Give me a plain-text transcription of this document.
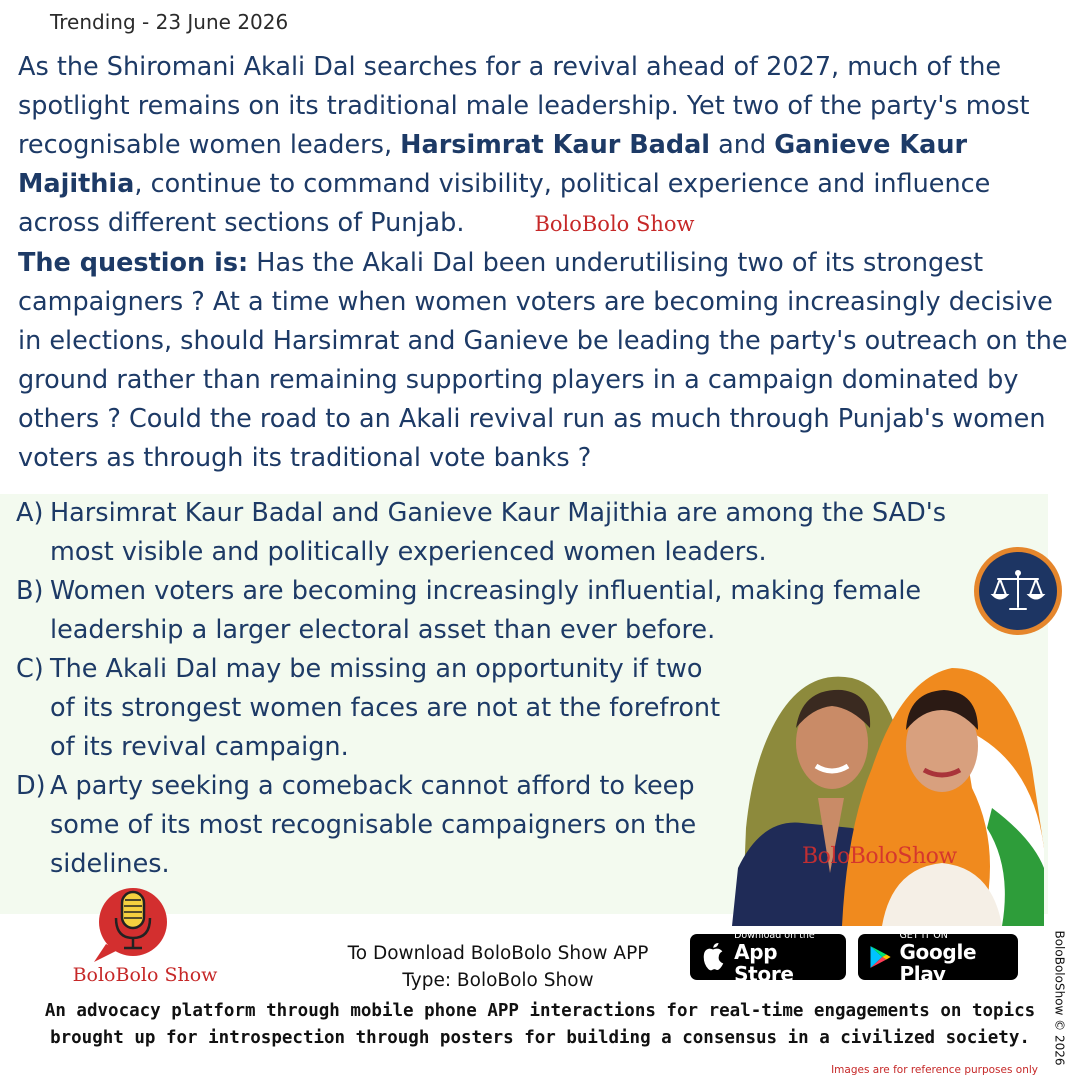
Trending - 23 June 2026
As the Shiromani Akali Dal searches for a revival ahead of 2027, much of the spotlight remains on its traditional male leadership. Yet two of the party's most recognisable women leaders, Harsimrat Kaur Badal and Ganieve Kaur Majithia, continue to command visibility, political experience and influence across different sections of Punjab.	BoloBolo Show
The question is: Has the Akali Dal been underutilising two of its strongest campaigners ? At a time when women voters are becoming increasingly decisive in elections, should Harsimrat and Ganieve be leading the party's outreach on the ground rather than remaining supporting players in a campaign dominated by others ? Could the road to an Akali revival run as much through Punjab's women voters as through its traditional vote banks ?
A) Harsimrat Kaur Badal and Ganieve Kaur Majithia are among the SAD's
most visible and politically experienced women leaders.
B) Women voters are becoming increasingly influential, making female
leadership a larger electoral asset than ever before.
C) The Akali Dal may be missing an opportunity if two
of its strongest women faces are not at the forefront
of its revival campaign.
D) A party seeking a comeback cannot afford to keep
some of its most recognisable campaigners on the
sidelines.	BoloBoloShow
BoloBolo Show
To Download BoloBolo Show APP
Type: BoloBolo Show
Download on the
App Store
GET IT ON
Google Play
An advocacy platform through mobile phone APP interactions for real-time engagements on topics
brought up for introspection through posters for building a consensus in a civilized society.	BoloBoloShow © 2026
Images are for reference purposes only
